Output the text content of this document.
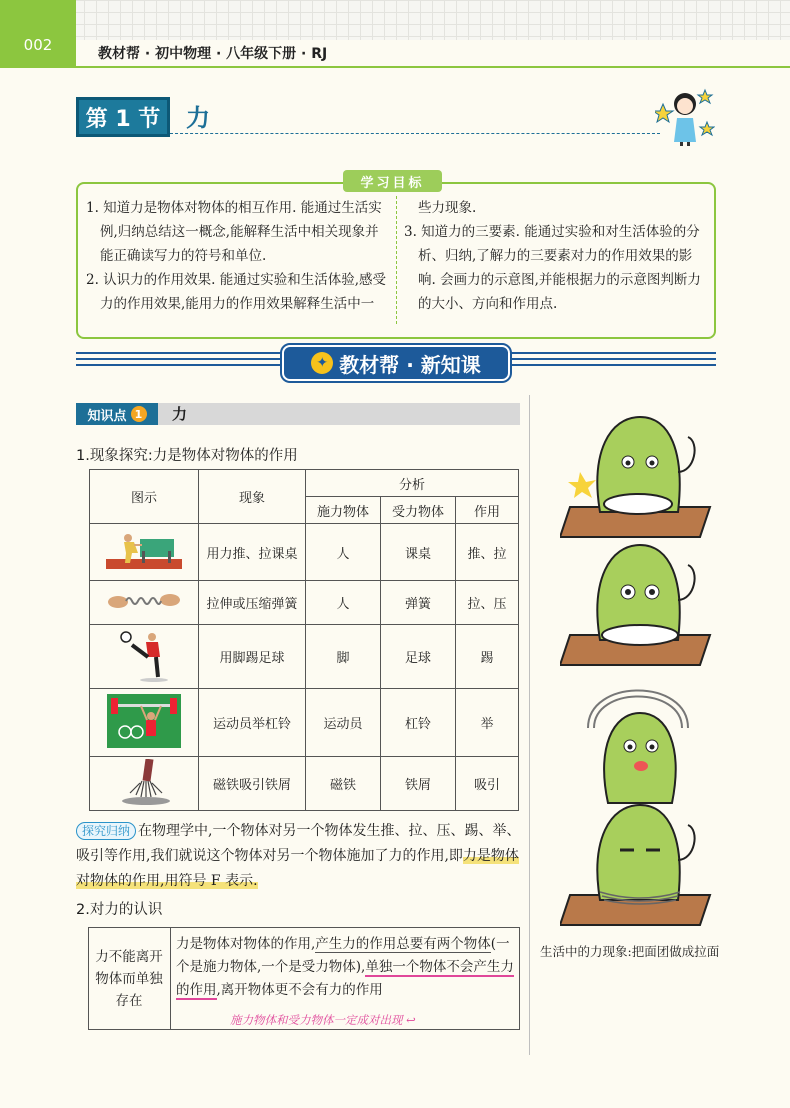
002	教材帮 · 初中物理 · 八年级下册 · RJ
第 1 节	力
学习目标
1. 知道力是物体对物体的相互作用. 能通过生活实例,归纳总结这一概念,能解释生活中相关现象并能正确读写力的符号和单位.
2. 认识力的作用效果. 能通过实验和生活体验,感受力的作用效果,能用力的作用效果解释生活中一
些力现象.
3. 知道力的三要素. 能通过实验和对生活体验的分析、归纳,了解力的三要素对力的作用效果的影响. 会画力的示意图,并能根据力的示意图判断力的大小、方向和作用点.
✦ 教材帮 · 新知课
知识点 1 力
1.现象探究:力是物体对物体的作用
图示	现象	分析		
		施力物体	受力物体	作用
	用力推、拉课桌	人	课桌	推、拉
	拉伸或压缩弹簧	人	弹簧	拉、压
	用脚踢足球	脚	足球	踢
	运动员举杠铃	运动员	杠铃	举
	磁铁吸引铁屑	磁铁	铁屑	吸引
探究归纳 在物理学中,一个物体对另一个物体发生推、拉、压、踢、举、吸引等作用,我们就说这个物体对另一个物体施加了力的作用,即力是物体对物体的作用,用符号 F 表示.
2.对力的认识
力不能离开物体而单独存在
力是物体对物体的作用,产生力的作用总要有两个物体(一个是施力物体,一个是受力物体),单独一个物体不会产生力的作用,离开物体更不会有力的作用
施力物体和受力物体一定成对出现 ↩
生活中的力现象:把面团做成拉面
